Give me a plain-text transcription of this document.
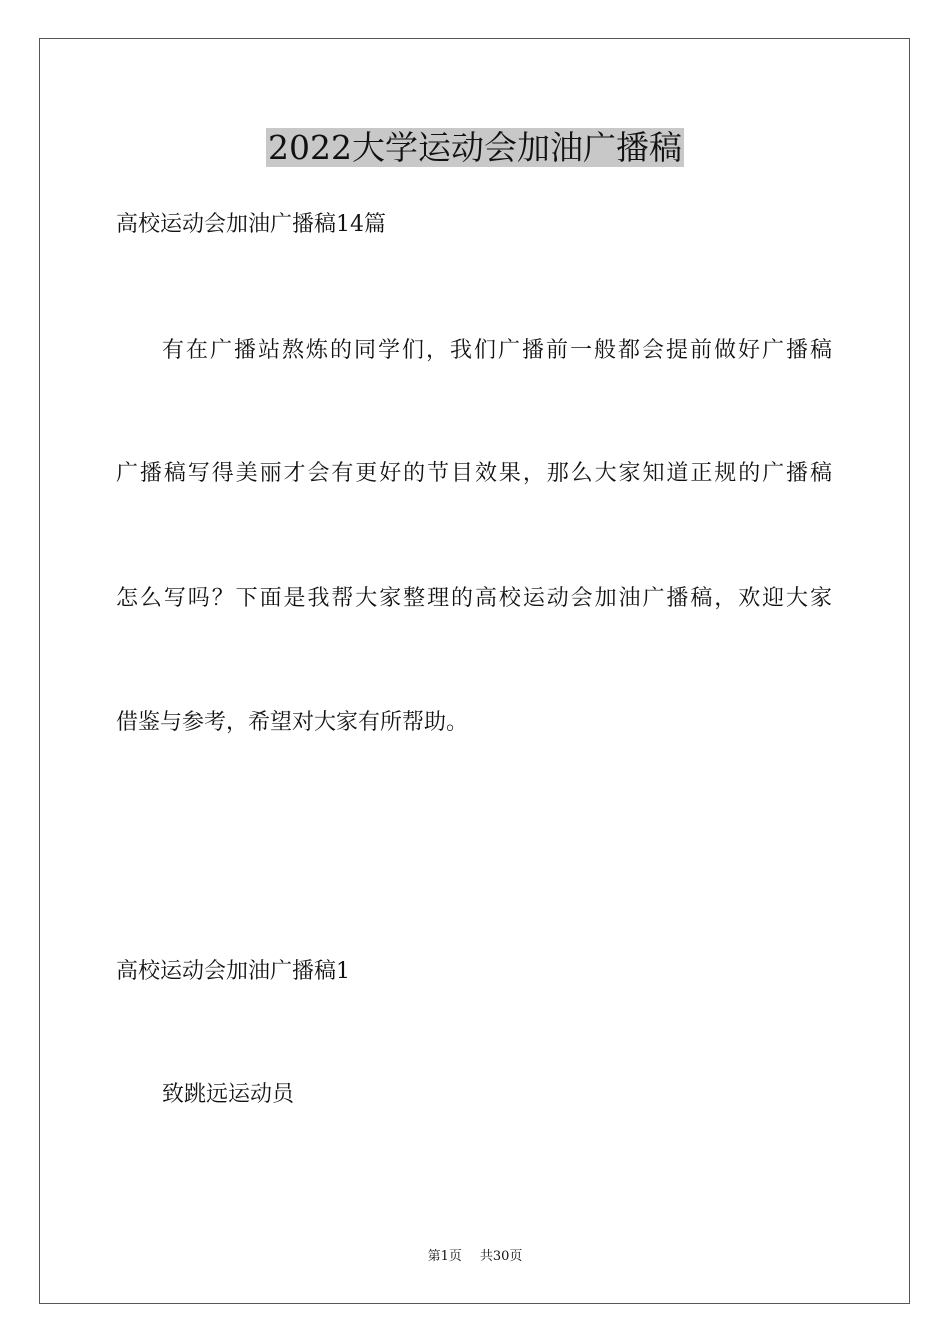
2022大学运动会加油广播稿
高校运动会加油广播稿14篇
有在广播站熬炼的同学们，我们广播前一般都会提前做好广播稿
广播稿写得美丽才会有更好的节目效果，那么大家知道正规的广播稿
怎么写吗？下面是我帮大家整理的高校运动会加油广播稿，欢迎大家
借鉴与参考，希望对大家有所帮助。
高校运动会加油广播稿1
致跳远运动员
第1页 共30页
